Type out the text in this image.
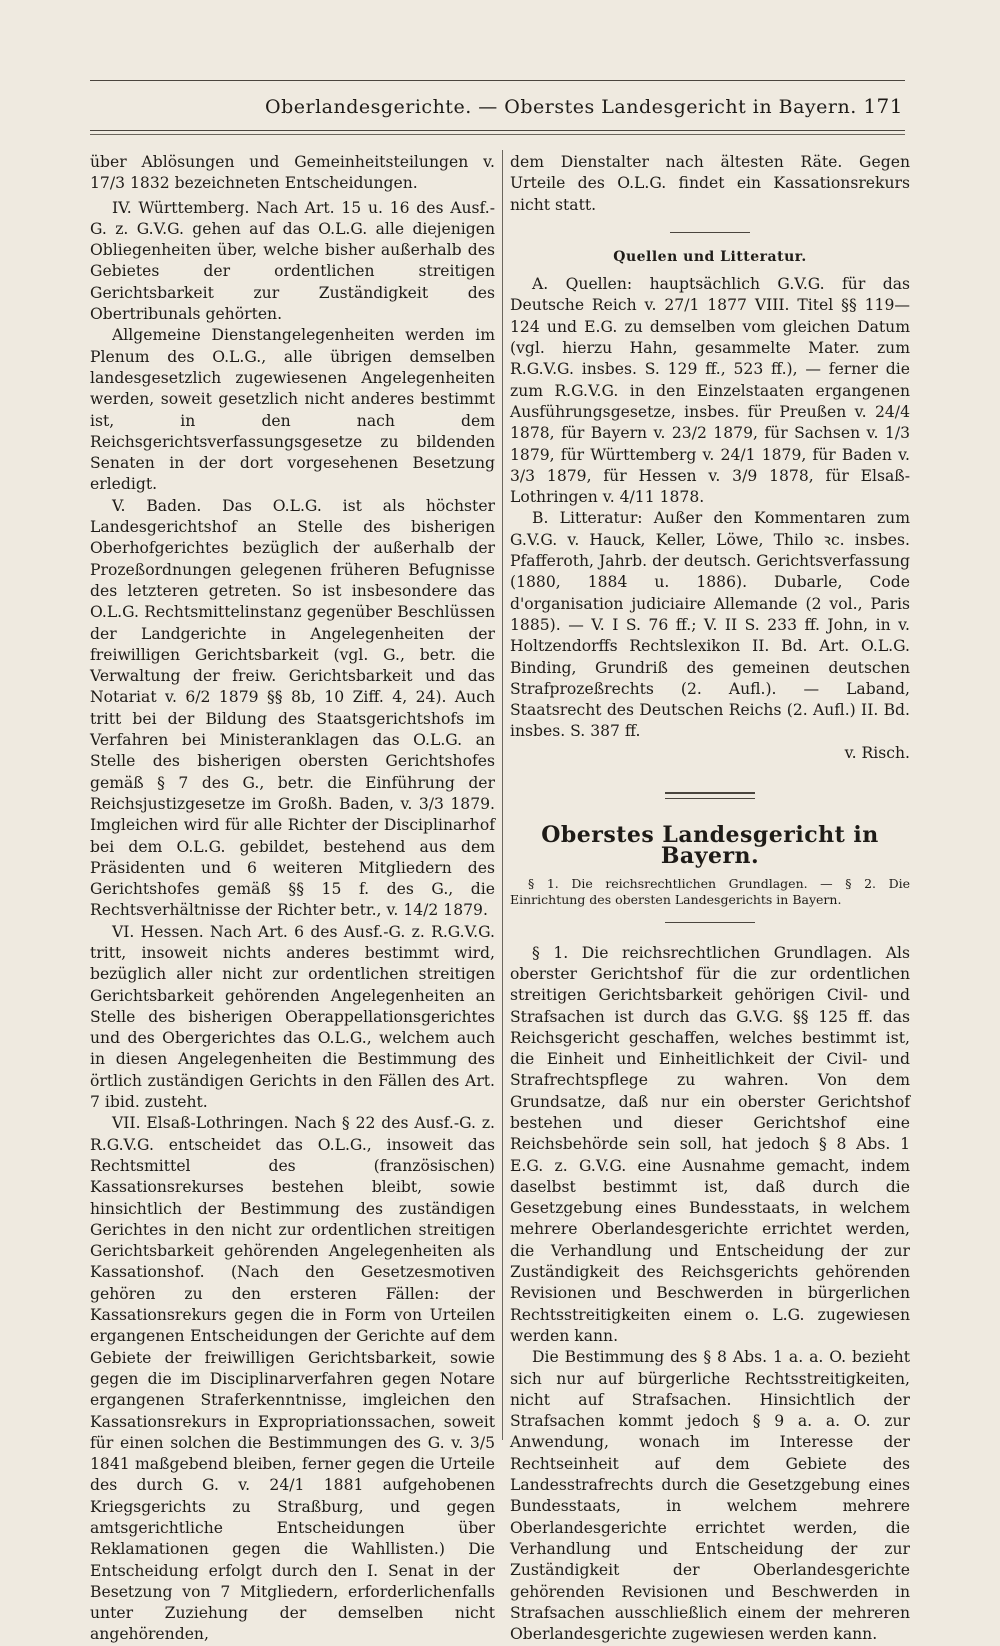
Oberlandesgerichte. — Oberstes Landesgericht in Bayern. 171

über Ablösungen und Gemeinheitsteilungen v. 17/3 1832 bezeichneten Entscheidungen.

IV. Württemberg. Nach Art. 15 u. 16 des Ausf.-G. z. G.V.G. gehen auf das O.L.G. alle diejenigen Obliegenheiten über, welche bisher außerhalb des Gebietes der ordentlichen streitigen Gerichtsbarkeit zur Zuständigkeit des Obertribunals gehörten.

Allgemeine Dienstangelegenheiten werden im Plenum des O.L.G., alle übrigen demselben landesgesetzlich zugewiesenen Angelegenheiten werden, soweit gesetzlich nicht anderes bestimmt ist, in den nach dem Reichsgerichtsverfassungsgesetze zu bildenden Senaten in der dort vorgesehenen Besetzung erledigt.

V. Baden. Das O.L.G. ist als höchster Landesgerichtshof an Stelle des bisherigen Oberhofgerichtes bezüglich der außerhalb der Prozeßordnungen gelegenen früheren Befugnisse des letzteren getreten. So ist insbesondere das O.L.G. Rechtsmittelinstanz gegenüber Beschlüssen der Landgerichte in Angelegenheiten der freiwilligen Gerichtsbarkeit (vgl. G., betr. die Verwaltung der freiw. Gerichtsbarkeit und das Notariat v. 6/2 1879 §§ 8b, 10 Ziff. 4, 24). Auch tritt bei der Bildung des Staatsgerichtshofs im Verfahren bei Ministeranklagen das O.L.G. an Stelle des bisherigen obersten Gerichtshofes gemäß § 7 des G., betr. die Einführung der Reichsjustizgesetze im Großh. Baden, v. 3/3 1879. Imgleichen wird für alle Richter der Disciplinarhof bei dem O.L.G. gebildet, bestehend aus dem Präsidenten und 6 weiteren Mitgliedern des Gerichtshofes gemäß §§ 15 f. des G., die Rechtsverhältnisse der Richter betr., v. 14/2 1879.

VI. Hessen. Nach Art. 6 des Ausf.-G. z. R.G.V.G. tritt, insoweit nichts anderes bestimmt wird, bezüglich aller nicht zur ordentlichen streitigen Gerichtsbarkeit gehörenden Angelegenheiten an Stelle des bisherigen Oberappellationsgerichtes und des Obergerichtes das O.L.G., welchem auch in diesen Angelegenheiten die Bestimmung des örtlich zuständigen Gerichts in den Fällen des Art. 7 ibid. zusteht.

VII. Elsaß-Lothringen. Nach § 22 des Ausf.-G. z. R.G.V.G. entscheidet das O.L.G., insoweit das Rechtsmittel des (französischen) Kassationsrekurses bestehen bleibt, sowie hinsichtlich der Bestimmung des zuständigen Gerichtes in den nicht zur ordentlichen streitigen Gerichtsbarkeit gehörenden Angelegenheiten als Kassationshof. (Nach den Gesetzesmotiven gehören zu den ersteren Fällen: der Kassationsrekurs gegen die in Form von Urteilen ergangenen Entscheidungen der Gerichte auf dem Gebiete der freiwilligen Gerichtsbarkeit, sowie gegen die im Disciplinarverfahren gegen Notare ergangenen Straferkenntnisse, imgleichen den Kassationsrekurs in Expropriationssachen, soweit für einen solchen die Bestimmungen des G. v. 3/5 1841 maßgebend bleiben, ferner gegen die Urteile des durch G. v. 24/1 1881 aufgehobenen Kriegsgerichts zu Straßburg, und gegen amtsgerichtliche Entscheidungen über Reklamationen gegen die Wahllisten.) Die Entscheidung erfolgt durch den I. Senat in der Besetzung von 7 Mitgliedern, erforderlichenfalls unter Zuziehung der demselben nicht angehörenden,

dem Dienstalter nach ältesten Räte. Gegen Urteile des O.L.G. findet ein Kassationsrekurs nicht statt.

Quellen und Litteratur.

A. Quellen: hauptsächlich G.V.G. für das Deutsche Reich v. 27/1 1877 VIII. Titel §§ 119—124 und E.G. zu demselben vom gleichen Datum (vgl. hierzu Hahn, gesammelte Mater. zum R.G.V.G. insbes. S. 129 ff., 523 ff.), — ferner die zum R.G.V.G. in den Einzelstaaten ergangenen Ausführungsgesetze, insbes. für Preußen v. 24/4 1878, für Bayern v. 23/2 1879, für Sachsen v. 1/3 1879, für Württemberg v. 24/1 1879, für Baden v. 3/3 1879, für Hessen v. 3/9 1878, für Elsaß-Lothringen v. 4/11 1878.

B. Litteratur: Außer den Kommentaren zum G.V.G. v. Hauck, Keller, Löwe, Thilo ꝛc. insbes. Pfafferoth, Jahrb. der deutsch. Gerichtsverfassung (1880, 1884 u. 1886). Dubarle, Code d'organisation judiciaire Allemande (2 vol., Paris 1885). — V. I S. 76 ff.; V. II S. 233 ff. John, in v. Holtzendorffs Rechtslexikon II. Bd. Art. O.L.G. Binding, Grundriß des gemeinen deutschen Strafprozeßrechts (2. Aufl.). — Laband, Staatsrecht des Deutschen Reichs (2. Aufl.) II. Bd. insbes. S. 387 ff.

v. Risch.

Oberstes Landesgericht in Bayern.

§ 1. Die reichsrechtlichen Grundlagen. — § 2. Die Einrichtung des obersten Landesgerichts in Bayern.

§ 1. Die reichsrechtlichen Grundlagen. Als oberster Gerichtshof für die zur ordentlichen streitigen Gerichtsbarkeit gehörigen Civil- und Strafsachen ist durch das G.V.G. §§ 125 ff. das Reichsgericht geschaffen, welches bestimmt ist, die Einheit und Einheitlichkeit der Civil- und Strafrechtspflege zu wahren. Von dem Grundsatze, daß nur ein oberster Gerichtshof bestehen und dieser Gerichtshof eine Reichsbehörde sein soll, hat jedoch § 8 Abs. 1 E.G. z. G.V.G. eine Ausnahme gemacht, indem daselbst bestimmt ist, daß durch die Gesetzgebung eines Bundesstaats, in welchem mehrere Oberlandesgerichte errichtet werden, die Verhandlung und Entscheidung der zur Zuständigkeit des Reichsgerichts gehörenden Revisionen und Beschwerden in bürgerlichen Rechtsstreitigkeiten einem o. L.G. zugewiesen werden kann.

Die Bestimmung des § 8 Abs. 1 a. a. O. bezieht sich nur auf bürgerliche Rechtsstreitigkeiten, nicht auf Strafsachen. Hinsichtlich der Strafsachen kommt jedoch § 9 a. a. O. zur Anwendung, wonach im Interesse der Rechtseinheit auf dem Gebiete des Landesstrafrechts durch die Gesetzgebung eines Bundesstaats, in welchem mehrere Oberlandesgerichte errichtet werden, die Verhandlung und Entscheidung der zur Zuständigkeit der Oberlandesgerichte gehörenden Revisionen und Beschwerden in Strafsachen ausschließlich einem der mehreren Oberlandesgerichte zugewiesen werden kann.
